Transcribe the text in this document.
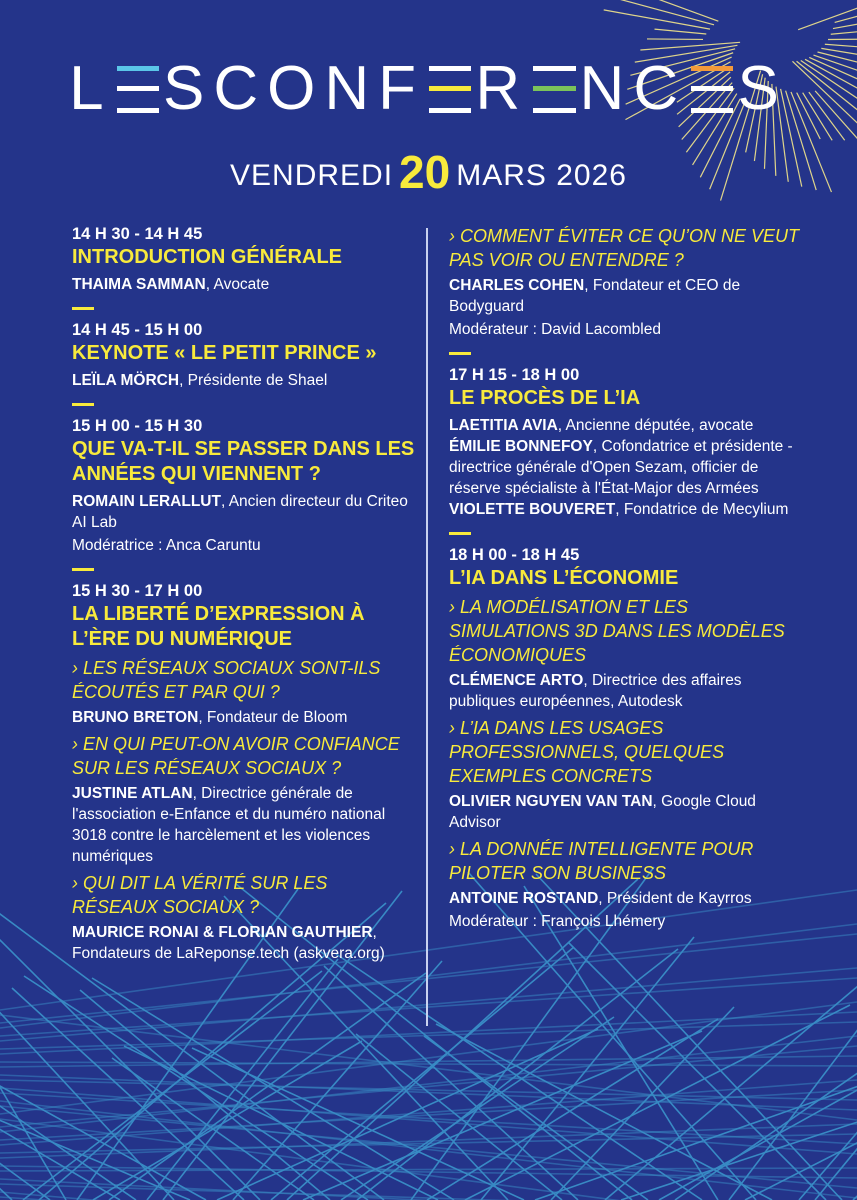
L SCONF R NC S
VENDREDI 20 MARS 2026

14 H 30 - 14 H 45

INTRODUCTION GÉNÉRALE

THAIMA SAMMAN, Avocate

14 H 45 - 15 H 00

KEYNOTE « LE PETIT PRINCE »

LEÏLA MÖRCH, Présidente de Shael

15 H 00 - 15 H 30

QUE VA-T-IL SE PASSER DANS LES ANNÉES QUI VIENNENT ?

ROMAIN LERALLUT, Ancien directeur du Criteo AI Lab

Modératrice : Anca Caruntu

15 H 30 - 17 H 00

LA LIBERTÉ D’EXPRESSION À L’ÈRE DU NUMÉRIQUE

› LES RÉSEAUX SOCIAUX SONT-ILS ÉCOUTÉS ET PAR QUI ?

BRUNO BRETON, Fondateur de Bloom

› EN QUI PEUT-ON AVOIR CONFIANCE SUR LES RÉSEAUX SOCIAUX ?

JUSTINE ATLAN, Directrice générale de l'association e-Enfance et du numéro national 3018 contre le harcèlement et les violences numériques

› QUI DIT LA VÉRITÉ SUR LES RÉSEAUX SOCIAUX ?

MAURICE RONAI & FLORIAN GAUTHIER, Fondateurs de LaReponse.tech (askvera.org)

› COMMENT ÉVITER CE QU’ON NE VEUT PAS VOIR OU ENTENDRE ?

CHARLES COHEN, Fondateur et CEO de Bodyguard

Modérateur : David Lacombled

17 H 15 - 18 H 00

LE PROCÈS DE L’IA

LAETITIA AVIA, Ancienne députée, avocate

ÉMILIE BONNEFOY, Cofondatrice et présidente - directrice générale d'Open Sezam, officier de réserve spécialiste à l'État-Major des Armées

VIOLETTE BOUVERET, Fondatrice de Mecylium

18 H 00 - 18 H 45

L’IA DANS L’ÉCONOMIE

› LA MODÉLISATION ET LES SIMULATIONS 3D DANS LES MODÈLES ÉCONOMIQUES

CLÉMENCE ARTO, Directrice des affaires publiques européennes, Autodesk

› L’IA DANS LES USAGES PROFESSIONNELS, QUELQUES EXEMPLES CONCRETS

OLIVIER NGUYEN VAN TAN, Google Cloud Advisor

› LA DONNÉE INTELLIGENTE POUR PILOTER SON BUSINESS

ANTOINE ROSTAND, Président de Kayrros

Modérateur : François Lhémery
